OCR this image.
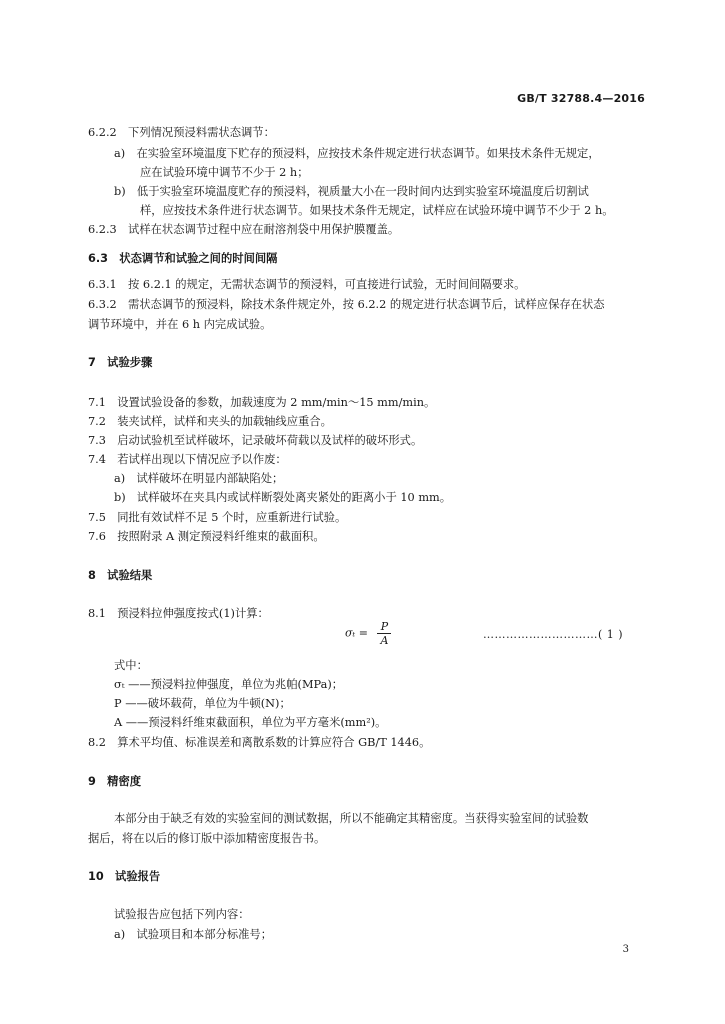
GB/T 32788.4—2016
6.2.2　下列情况预浸料需状态调节：
a)　在实验室环境温度下贮存的预浸料，应按技术条件规定进行状态调节。如果技术条件无规定，
应在试验环境中调节不少于 2 h；
b)　低于实验室环境温度贮存的预浸料，视质量大小在一段时间内达到实验室环境温度后切割试
样，应按技术条件进行状态调节。如果技术条件无规定，试样应在试验环境中调节不少于 2 h。
6.2.3　试样在状态调节过程中应在耐溶剂袋中用保护膜覆盖。
6.3　状态调节和试验之间的时间间隔
6.3.1　按 6.2.1 的规定，无需状态调节的预浸料，可直接进行试验，无时间间隔要求。
6.3.2　需状态调节的预浸料，除技术条件规定外，按 6.2.2 的规定进行状态调节后，试样应保存在状态
调节环境中，并在 6 h 内完成试验。
7　试验步骤
7.1　设置试验设备的参数，加载速度为 2 mm/min～15 mm/min。
7.2　装夹试样，试样和夹头的加载轴线应重合。
7.3　启动试验机至试样破坏，记录破坏荷载以及试样的破坏形式。
7.4　若试样出现以下情况应予以作废：
a)　试样破坏在明显内部缺陷处；
b)　试样破坏在夹具内或试样断裂处离夹紧处的距离小于 10 mm。
7.5　同批有效试样不足 5 个时，应重新进行试验。
7.6　按照附录 A 测定预浸料纤维束的截面积。
8　试验结果
8.1　预浸料拉伸强度按式(1)计算：
$\sigma_t = \frac{P}{A}$	…………………………( 1 )
式中：
σₜ ——预浸料拉伸强度，单位为兆帕(MPa)；
P ——破坏载荷，单位为牛顿(N)；
A ——预浸料纤维束截面积，单位为平方毫米(mm²)。
8.2　算术平均值、标准误差和离散系数的计算应符合 GB/T 1446。
9　精密度
本部分由于缺乏有效的实验室间的测试数据，所以不能确定其精密度。当获得实验室间的试验数
据后，将在以后的修订版中添加精密度报告书。
10　试验报告
试验报告应包括下列内容：
a)　试验项目和本部分标准号；
3
